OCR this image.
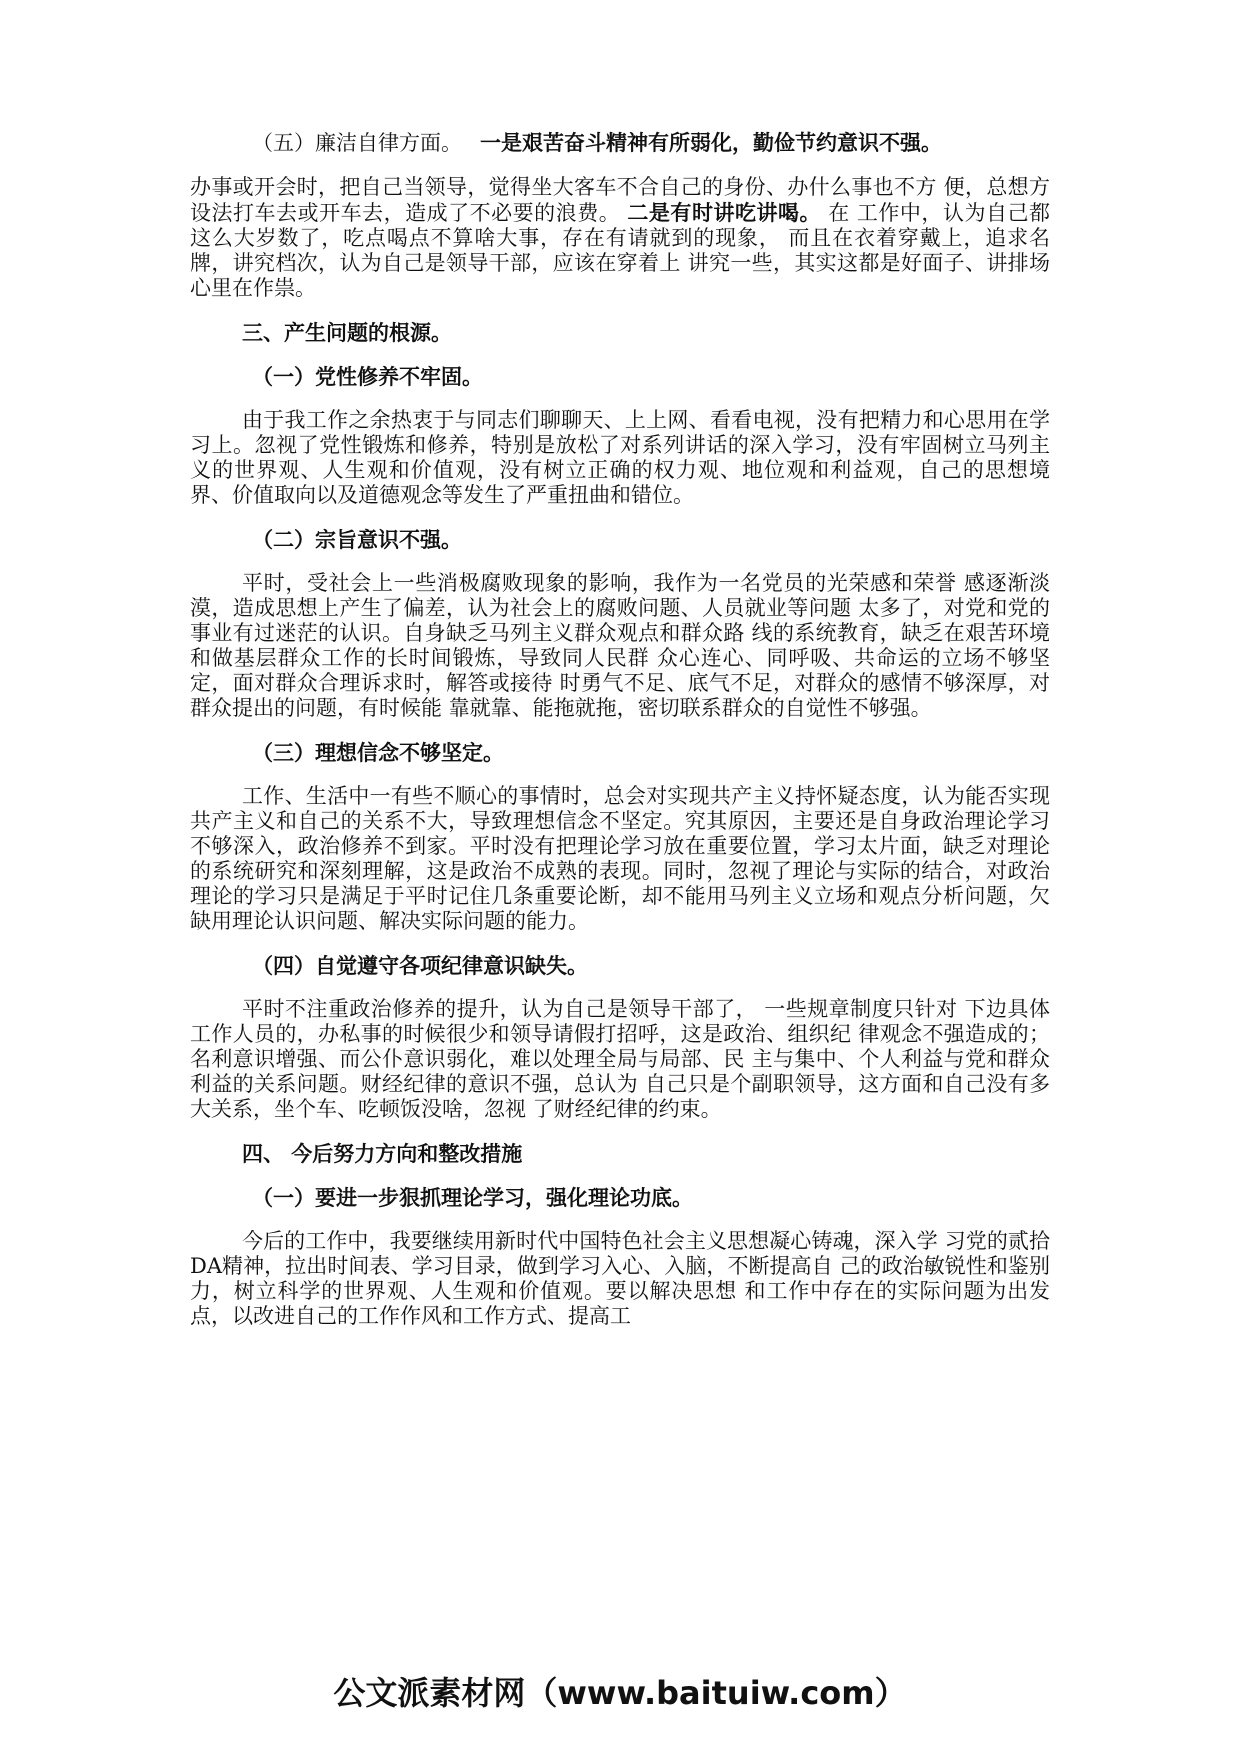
（五）廉洁自律方面。 一是艰苦奋斗精神有所弱化，勤俭节约意识不强。

办事或开会时，把自己当领导，觉得坐大客车不合自己的身份、办什么事也不方 便，总想方设法打车去或开车去，造成了不必要的浪费。 二是有时讲吃讲喝。 在 工作中，认为自己都这么大岁数了，吃点喝点不算啥大事，存在有请就到的现象， 而且在衣着穿戴上，追求名牌，讲究档次，认为自己是领导干部，应该在穿着上 讲究一些，其实这都是好面子、讲排场心里在作祟。

三、产生问题的根源。

（一）党性修养不牢固。

由于我工作之余热衷于与同志们聊聊天、上上网、看看电视，没有把精力和心思用在学习上。忽视了党性锻炼和修养，特别是放松了对系列讲话的深入学习，没有牢固树立马列主义的世界观、人生观和价值观，没有树立正确的权力观、地位观和利益观，自己的思想境界、价值取向以及道德观念等发生了严重扭曲和错位。

（二）宗旨意识不强。

平时，受社会上一些消极腐败现象的影响，我作为一名党员的光荣感和荣誉 感逐渐淡漠，造成思想上产生了偏差，认为社会上的腐败问题、人员就业等问题 太多了，对党和党的事业有过迷茫的认识。自身缺乏马列主义群众观点和群众路 线的系统教育，缺乏在艰苦环境和做基层群众工作的长时间锻炼，导致同人民群 众心连心、同呼吸、共命运的立场不够坚定，面对群众合理诉求时，解答或接待 时勇气不足、底气不足，对群众的感情不够深厚，对群众提出的问题，有时候能 靠就靠、能拖就拖，密切联系群众的自觉性不够强。

（三）理想信念不够坚定。

工作、生活中一有些不顺心的事情时，总会对实现共产主义持怀疑态度，认为能否实现共产主义和自己的关系不大，导致理想信念不坚定。究其原因，主要还是自身政治理论学习不够深入，政治修养不到家。平时没有把理论学习放在重要位置，学习太片面，缺乏对理论的系统研究和深刻理解，这是政治不成熟的表现。同时，忽视了理论与实际的结合，对政治理论的学习只是满足于平时记住几条重要论断，却不能用马列主义立场和观点分析问题，欠缺用理论认识问题、解决实际问题的能力。

（四）自觉遵守各项纪律意识缺失。

平时不注重政治修养的提升，认为自己是领导干部了， 一些规章制度只针对 下边具体工作人员的，办私事的时候很少和领导请假打招呼，这是政治、组织纪 律观念不强造成的；名利意识增强、而公仆意识弱化，难以处理全局与局部、民 主与集中、个人利益与党和群众利益的关系问题。财经纪律的意识不强，总认为 自己只是个副职领导，这方面和自己没有多大关系，坐个车、吃顿饭没啥，忽视 了财经纪律的约束。

四、 今后努力方向和整改措施

（一）要进一步狠抓理论学习，强化理论功底。

今后的工作中，我要继续用新时代中国特色社会主义思想凝心铸魂，深入学 习党的贰拾DA精神，拉出时间表、学习目录，做到学习入心、入脑，不断提高自 己的政治敏锐性和鉴别力，树立科学的世界观、人生观和价值观。要以解决思想 和工作中存在的实际问题为出发点，以改进自己的工作作风和工作方式、提高工

公文派素材网（www.baituiw.com）
